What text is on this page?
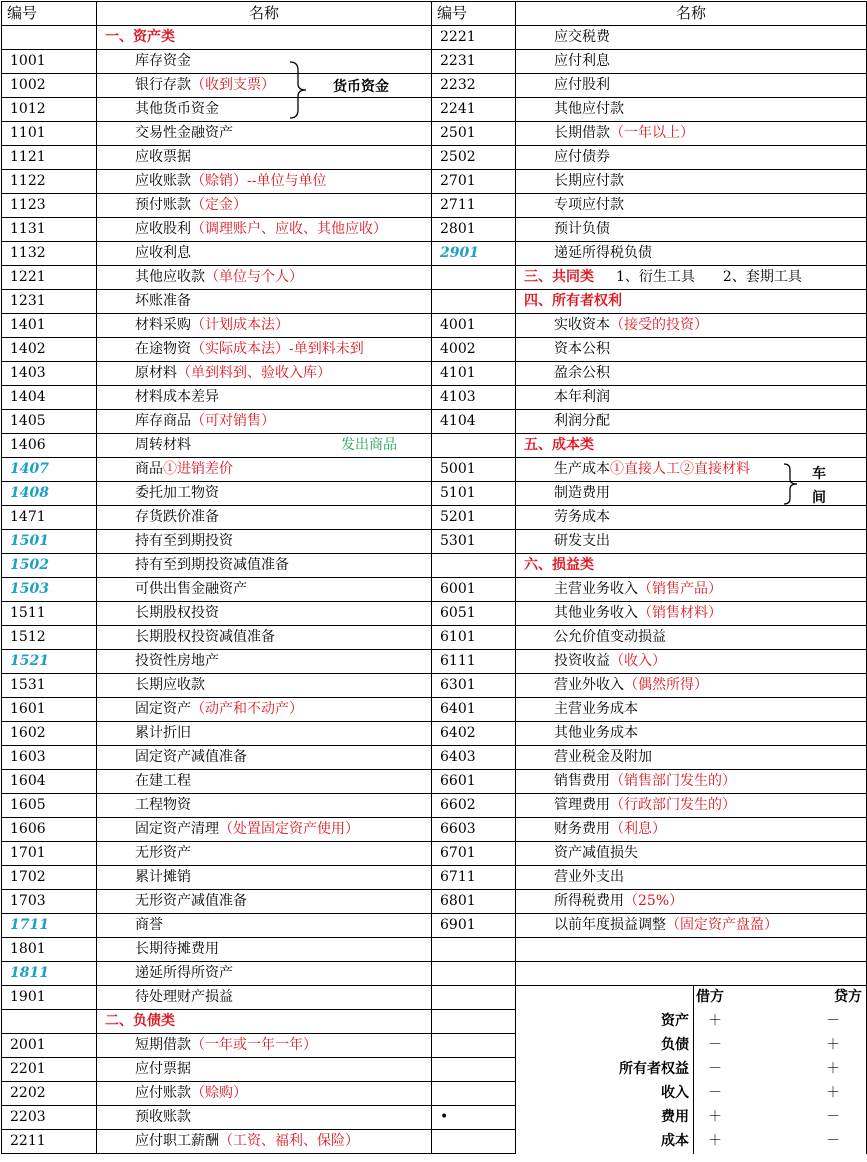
编号	名称	编号	名称		
	一、资产类	2221	应交税费		
1001	库存资金	2231	应付利息		
1002	银行存款（收到支票）	2232	应付股利		
1012	其他货币资金	2241	其他应付款		
1101	交易性金融资产	2501	长期借款（一年以上）		
1121	应收票据	2502	应付债券		
1122	应收账款（赊销）--单位与单位	2701	长期应付款		
1123	预付账款（定金）	2711	专项应付款		
1131	应收股利（调理账户、应收、其他应收）	2801	预计负债		
1132	应收利息	2901	递延所得税负债		
1221	其他应收款（单位与个人）		三、共同类 1、衍生工具　　2、套期工具		
1231	坏账准备		四、所有者权利		
1401	材料采购（计划成本法）	4001	实收资本（接受的投资）		
1402	在途物资（实际成本法）-单到料未到	4002	资本公积		
1403	原材料（单到料到、验收入库）	4101	盈余公积		
1404	材料成本差异	4103	本年利润		
1405	库存商品（可对销售）	4104	利润分配		
1406	周转材料 发出商品		五、成本类		
1407	商品①进销差价	5001	生产成本①直接人工②直接材料		
1408	委托加工物资	5101	制造费用		
1471	存货跌价准备	5201	劳务成本		
1501	持有至到期投资	5301	研发支出		
1502	持有至到期投资减值准备		六、损益类		
1503	可供出售金融资产	6001	主营业务收入（销售产品）		
1511	长期股权投资	6051	其他业务收入（销售材料）		
1512	长期股权投资减值准备	6101	公允价值变动损益		
1521	投资性房地产	6111	投资收益（收入）		
1531	长期应收款	6301	营业外收入（偶然所得）		
1601	固定资产（动产和不动产）	6401	主营业务成本		
1602	累计折旧	6402	其他业务成本		
1603	固定资产减值准备	6403	营业税金及附加		
1604	在建工程	6601	销售费用（销售部门发生的）		
1605	工程物资	6602	管理费用（行政部门发生的）		
1606	固定资产清理（处置固定资产使用）	6603	财务费用（利息）		
1701	无形资产	6701	资产减值损失		
1702	累计摊销	6711	营业外支出		
1703	无形资产减值准备	6801	所得税费用（25%）		
1711	商誉	6901	以前年度损益调整（固定资产盘盈）		
1801	长期待摊费用				
1811	递延所得所资产				
1901	待处理财产损益			借方	贷方
	二、负债类		资产	＋	－
2001	短期借款（一年或一年一年）		负债	－	＋
2201	应付票据		所有者权益	－	＋
2202	应付账款（赊购）		收入	－	＋
2203	预收账款	•	费用	＋	－
2211	应付职工薪酬（工资、福利、保险）		成本	＋	－
货币资金
车
间
